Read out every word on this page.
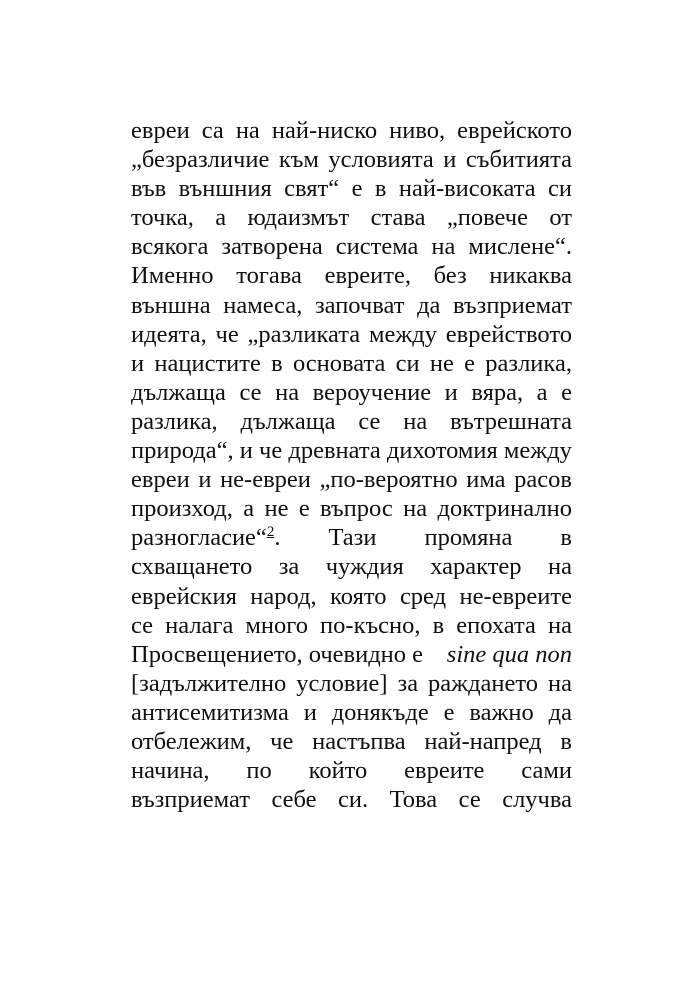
евреи са на най-ниско ниво, еврейското
„безразличие към условията и събитията
във външния свят“ е в най-високата си
точка, а юдаизмът става „повече от
всякога затворена система на мислене“.
Именно тогава евреите, без никаква
външна намеса, започват да възприемат
идеята, че „разликата между еврейството
и нацистите в основата си не е разлика,
дължаща се на вероучение и вяра, а е
разлика, дължаща се на вътрешната
природа“, и че древната дихотомия между
евреи и не-евреи „по-вероятно има расов
произход, а не е въпрос на доктринално
разногласие“$^2$. Тази промяна в
схващането за чуждия характер на
еврейския народ, която сред не-евреите
се налага много по-късно, в епохата на
Просвещението, очевидно е sine qua non
[задължително условие] за раждането на
антисемитизма и донякъде е важно да
отбележим, че настъпва най-напред в
начина, по който евреите сами
възприемат себе си. Това се случва
